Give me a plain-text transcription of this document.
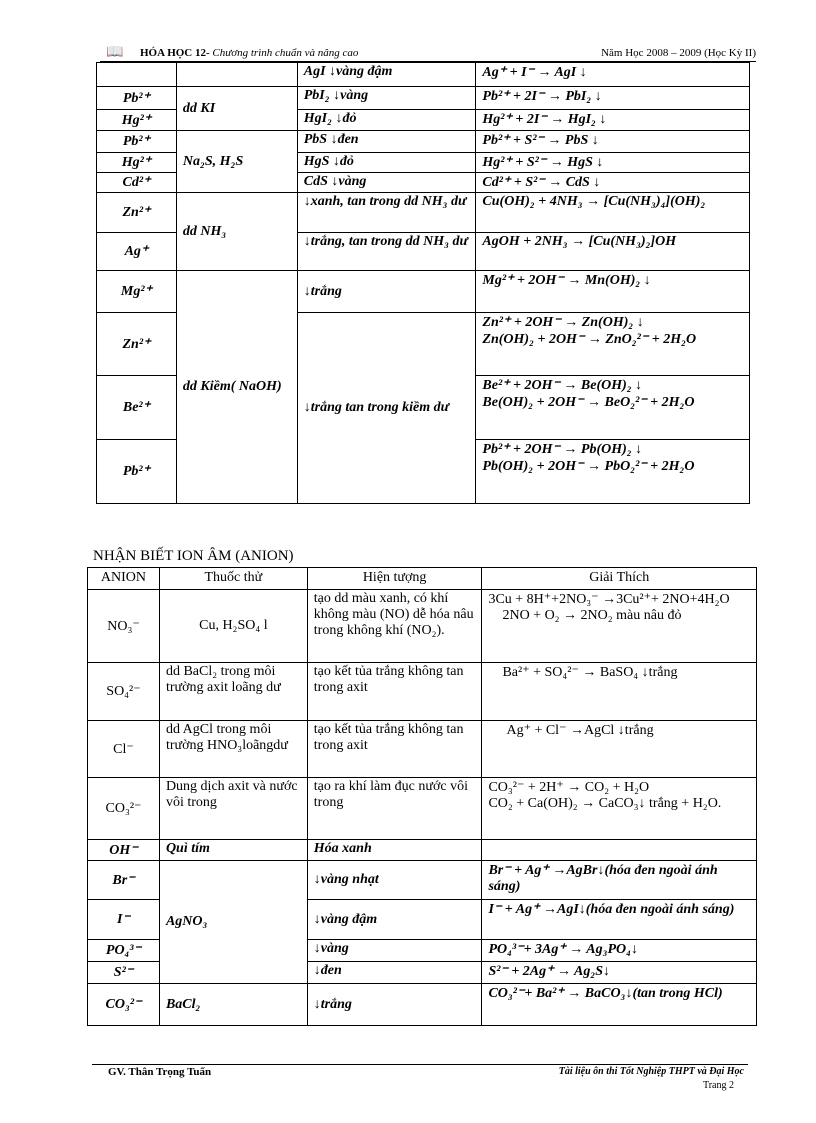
📖 HÓA HỌC 12- Chương trình chuẩn và nâng cao	Năm Học 2008 – 2009 (Học Kỳ II)
		AgI ↓vàng đậm	Ag⁺ + I⁻ → AgI ↓
Pb²⁺	dd KI	PbI₂ ↓vàng	Pb²⁺ + 2I⁻ → PbI₂ ↓
Hg²⁺		HgI₂ ↓đỏ	Hg²⁺ + 2I⁻ → HgI₂ ↓
Pb²⁺	Na₂S, H₂S	PbS ↓đen	Pb²⁺ + S²⁻ → PbS ↓
Hg²⁺		HgS ↓đỏ	Hg²⁺ + S²⁻ → HgS ↓
Cd²⁺		CdS ↓vàng	Cd²⁺ + S²⁻ → CdS ↓
Zn²⁺	dd NH₃	↓xanh, tan trong dd NH₃ dư	Cu(OH)₂ + 4NH₃ → [Cu(NH₃)₄](OH)₂
Ag⁺		↓trắng, tan trong dd NH₃ dư	AgOH + 2NH₃ → [Cu(NH₃)₂]OH
Mg²⁺	dd Kiềm( NaOH)	↓trắng	Mg²⁺ + 2OH⁻ → Mn(OH)₂ ↓
Zn²⁺		↓trắng tan trong kiềm dư	Zn²⁺ + 2OH⁻ → Zn(OH)₂ ↓
Zn(OH)₂ + 2OH⁻ → ZnO₂²⁻ + 2H₂O

Be²⁺			Be²⁺ + 2OH⁻ → Be(OH)₂ ↓
Be(OH)₂ + 2OH⁻ → BeO₂²⁻ + 2H₂O

Pb²⁺			Pb²⁺ + 2OH⁻ → Pb(OH)₂ ↓
Pb(OH)₂ + 2OH⁻ → PbO₂²⁻ + 2H₂O
NHẬN BIẾT ION ÂM (ANION)
ANION	Thuốc thử	Hiện tượng	Giải Thích
NO₃⁻	Cu, H₂SO₄ l	tạo dd màu xanh, có khí không màu (NO) dễ hóa nâu trong không khí (NO₂).	3Cu + 8H⁺+2NO₃⁻ →3Cu²⁺+ 2NO+4H₂O
2NO + O₂ → 2NO₂ màu nâu đỏ

SO₄²⁻	dd BaCl₂ trong môi trường axit loãng dư	tạo kết tủa trắng không tan trong axit	Ba²⁺ + SO₄²⁻ → BaSO₄ ↓trắng
Cl⁻	dd AgCl trong môi trường HNO₃loãngdư	tạo kết tủa trắng không tan trong axit	Ag⁺ + Cl⁻ →AgCl ↓trắng
CO₃²⁻	Dung dịch axit và nước vôi trong	tạo ra khí làm đục nước vôi trong	CO₃²⁻ + 2H⁺ → CO₂ + H₂O
CO₂ + Ca(OH)₂ → CaCO₃↓ trắng + H₂O.

OH⁻	Quì tím	Hóa xanh	
Br⁻	AgNO₃	↓vàng nhạt	Br⁻ + Ag⁺ →AgBr↓(hóa đen ngoài ánh sáng)
I⁻		↓vàng đậm	I⁻ + Ag⁺ →AgI↓(hóa đen ngoài ánh sáng)
PO₄³⁻		↓vàng	PO₄³⁻+ 3Ag⁺ → Ag₃PO₄↓
S²⁻		↓đen	S²⁻ + 2Ag⁺ → Ag₂S↓
CO₃²⁻	BaCl₂	↓trắng	CO₃²⁻+ Ba²⁺ → BaCO₃↓(tan trong HCl)
GV. Thân Trọng Tuấn	Tài liệu ôn thi Tốt Nghiệp THPT và Đại Học
Trang 2
